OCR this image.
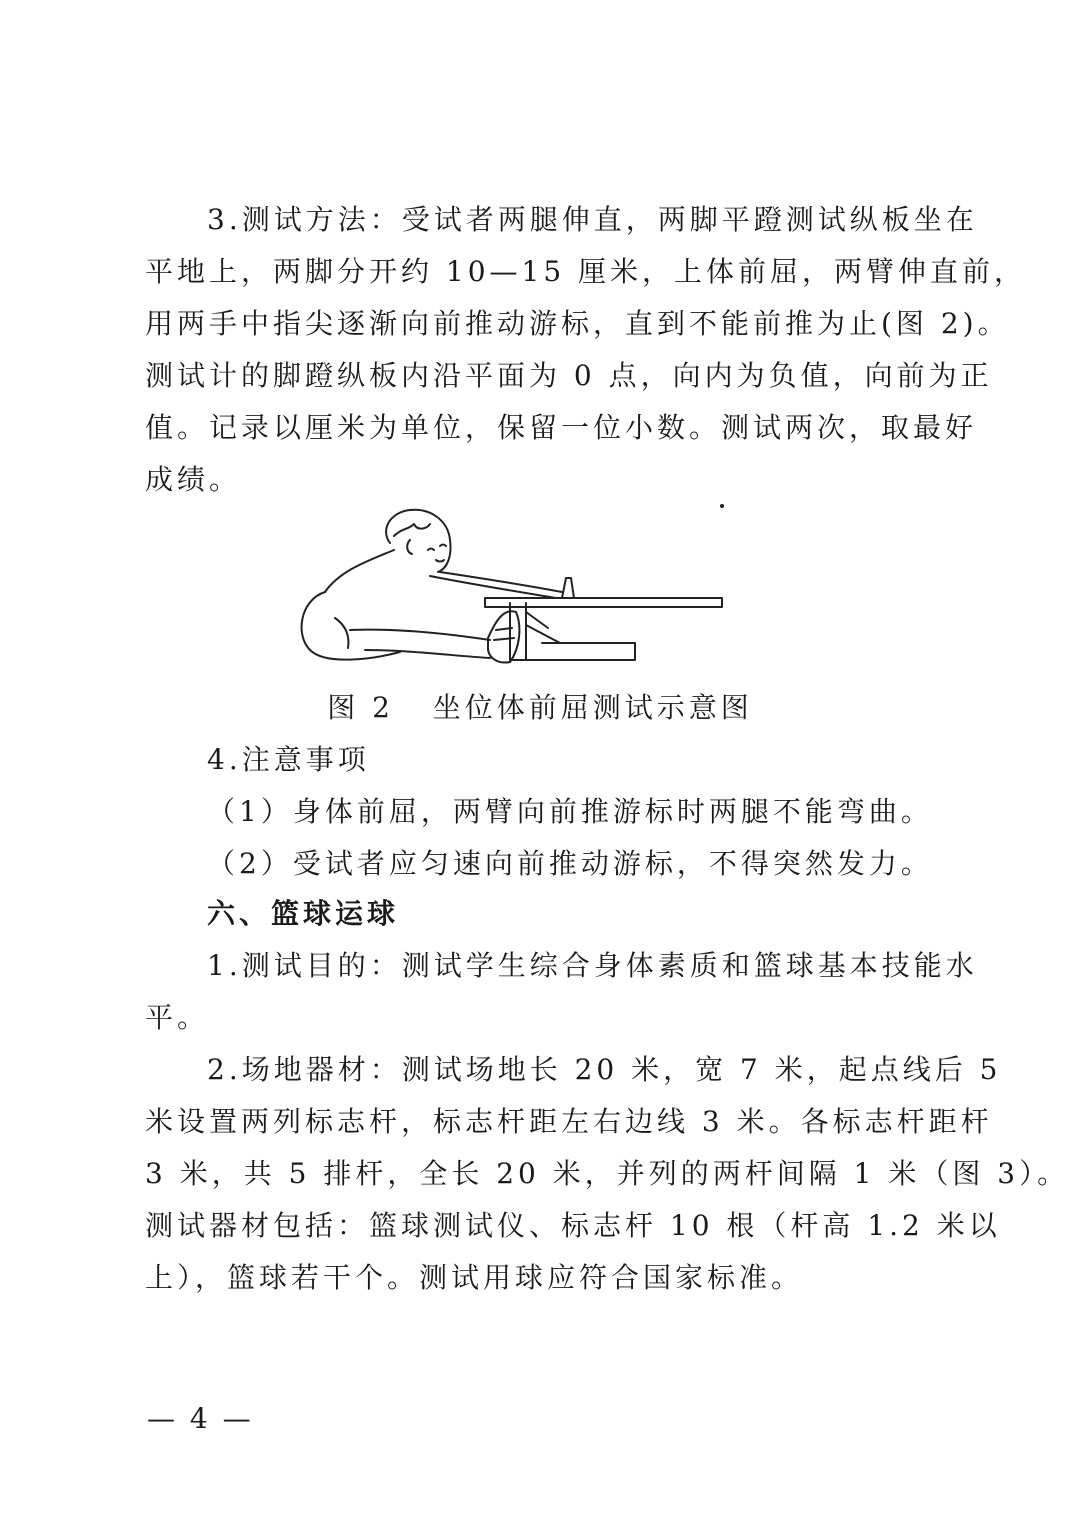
3.测试方法：受试者两腿伸直，两脚平蹬测试纵板坐在
平地上，两脚分开约 10—15 厘米，上体前屈，两臂伸直前，
用两手中指尖逐渐向前推动游标，直到不能前推为止(图 2)。
测试计的脚蹬纵板内沿平面为 0 点，向内为负值，向前为正
值。记录以厘米为单位，保留一位小数。测试两次，取最好
成绩。
图 2   坐位体前屈测试示意图
4.注意事项
（1）身体前屈，两臂向前推游标时两腿不能弯曲。
（2）受试者应匀速向前推动游标，不得突然发力。
六、篮球运球
1.测试目的：测试学生综合身体素质和篮球基本技能水
平。
2.场地器材：测试场地长 20 米，宽 7 米，起点线后 5
米设置两列标志杆，标志杆距左右边线 3 米。各标志杆距杆
3 米，共 5 排杆，全长 20 米，并列的两杆间隔 1 米（图 3）。
测试器材包括：篮球测试仪、标志杆 10 根（杆高 1.2 米以
上），篮球若干个。测试用球应符合国家标准。
— 4 —
